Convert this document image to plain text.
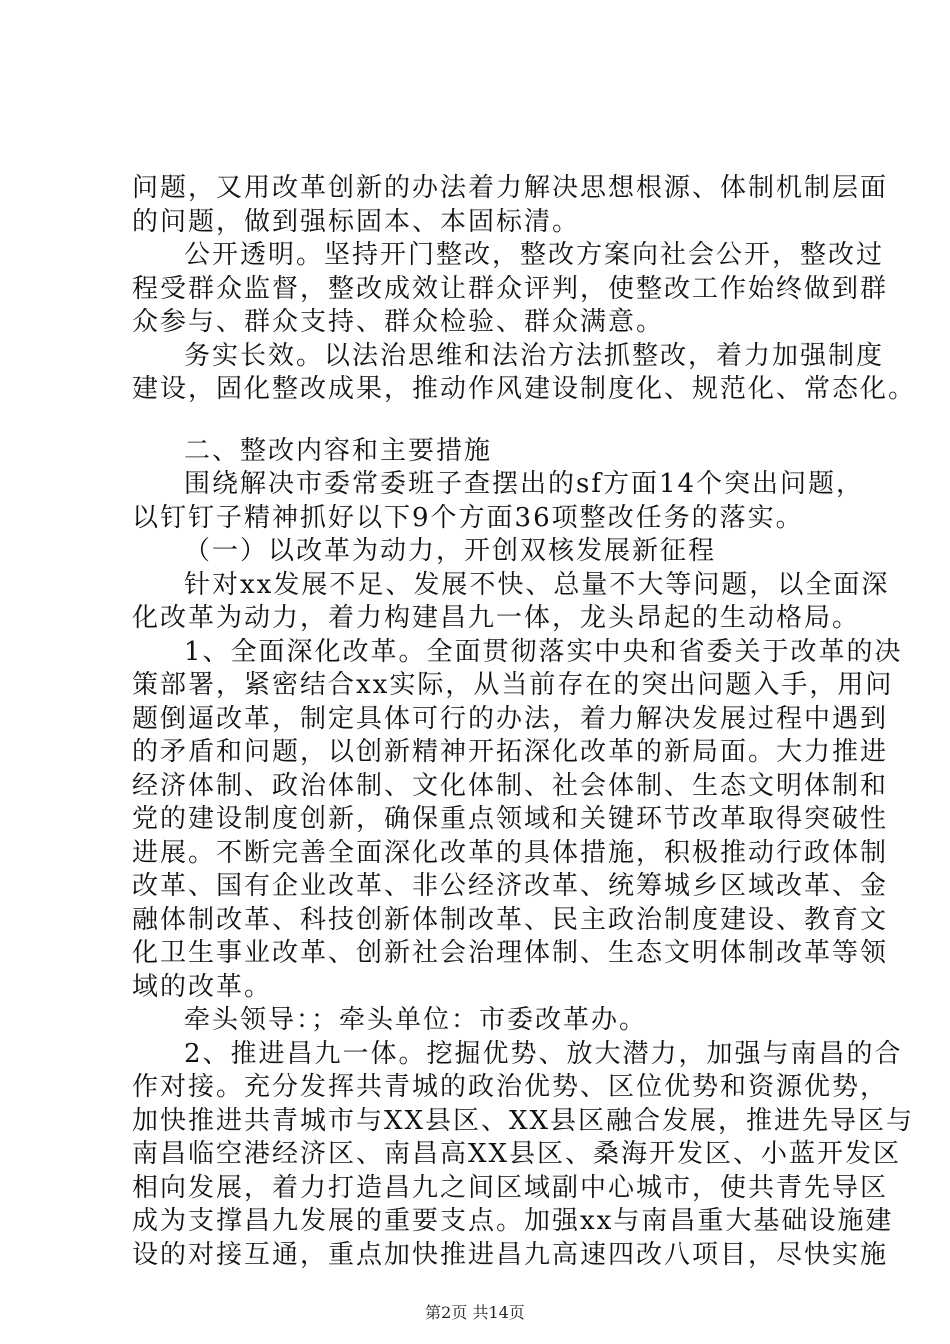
问题，又用改革创新的办法着力解决思想根源、体制机制层面
的问题，做到强标固本、本固标清。
公开透明。坚持开门整改，整改方案向社会公开，整改过
程受群众监督，整改成效让群众评判，使整改工作始终做到群
众参与、群众支持、群众检验、群众满意。
务实长效。以法治思维和法治方法抓整改，着力加强制度
建设，固化整改成果，推动作风建设制度化、规范化、常态化。
二、整改内容和主要措施
围绕解决市委常委班子查摆出的sf方面14个突出问题，
以钉钉子精神抓好以下9个方面36项整改任务的落实。
（一）以改革为动力，开创双核发展新征程
针对xx发展不足、发展不快、总量不大等问题，以全面深
化改革为动力，着力构建昌九一体，龙头昂起的生动格局。
1、全面深化改革。全面贯彻落实中央和省委关于改革的决
策部署，紧密结合xx实际，从当前存在的突出问题入手，用问
题倒逼改革，制定具体可行的办法，着力解决发展过程中遇到
的矛盾和问题，以创新精神开拓深化改革的新局面。大力推进
经济体制、政治体制、文化体制、社会体制、生态文明体制和
党的建设制度创新，确保重点领域和关键环节改革取得突破性
进展。不断完善全面深化改革的具体措施，积极推动行政体制
改革、国有企业改革、非公经济改革、统筹城乡区域改革、金
融体制改革、科技创新体制改革、民主政治制度建设、教育文
化卫生事业改革、创新社会治理体制、生态文明体制改革等领
域的改革。
牵头领导：；牵头单位：市委改革办。
2、推进昌九一体。挖掘优势、放大潜力，加强与南昌的合
作对接。充分发挥共青城的政治优势、区位优势和资源优势，
加快推进共青城市与XX县区、XX县区融合发展，推进先导区与
南昌临空港经济区、南昌高XX县区、桑海开发区、小蓝开发区
相向发展，着力打造昌九之间区域副中心城市，使共青先导区
成为支撑昌九发展的重要支点。加强xx与南昌重大基础设施建
设的对接互通，重点加快推进昌九高速四改八项目，尽快实施
第2页 共14页
